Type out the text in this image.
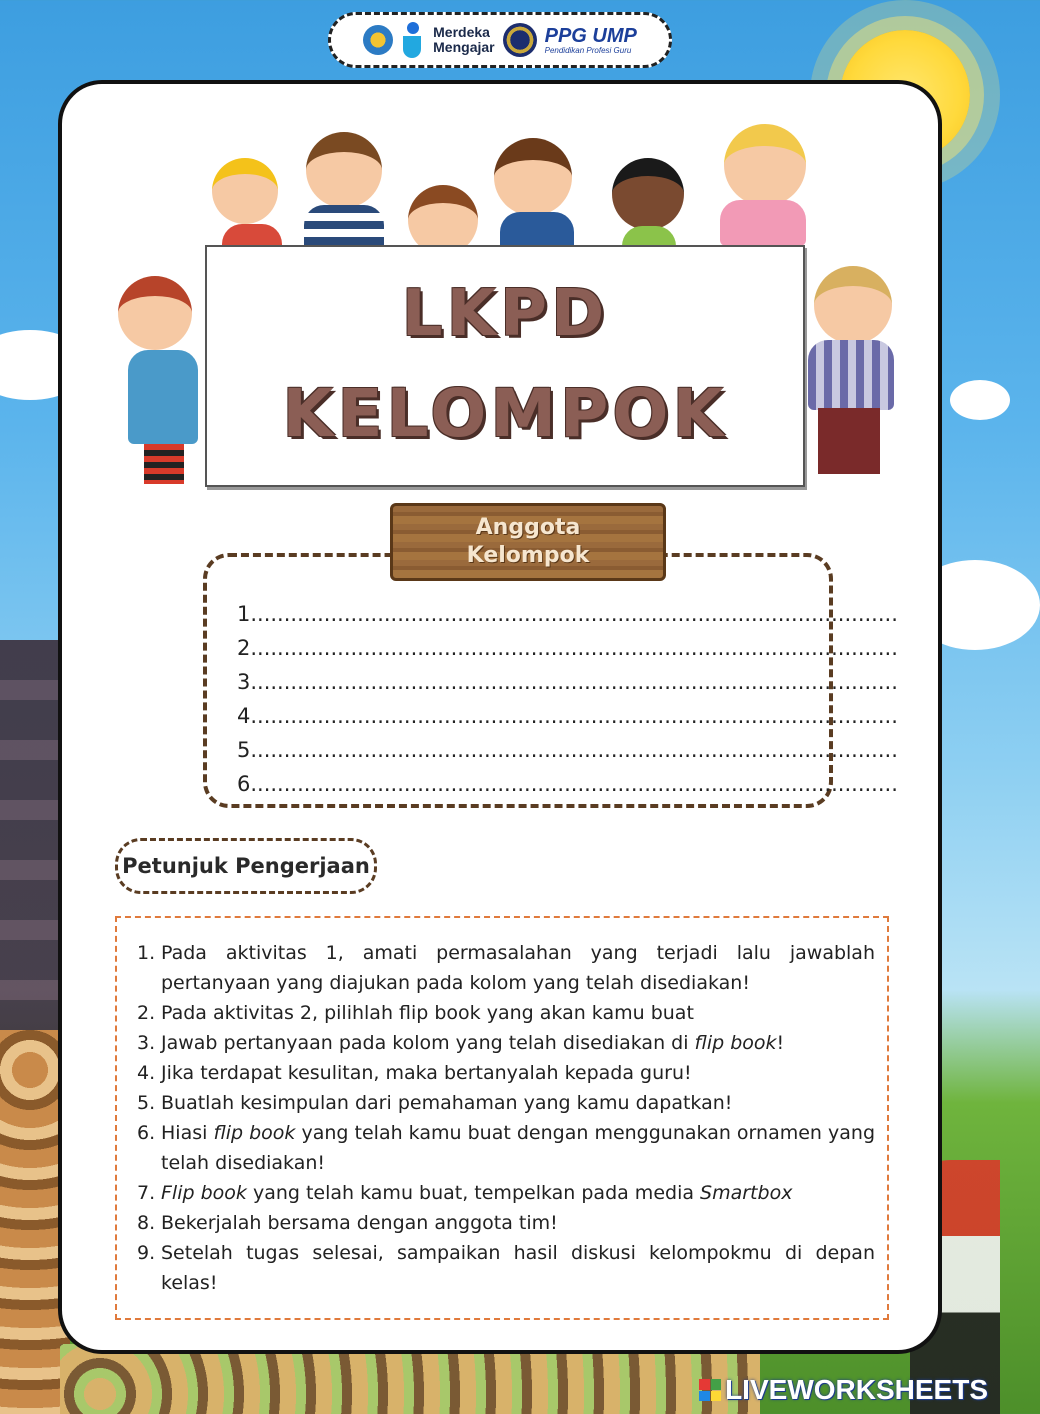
Merdeka
Mengajar
PPG UMP
Pendidikan Profesi Guru
LKPD
KELOMPOK
1.................................................................................................
2.................................................................................................
3.................................................................................................
4.................................................................................................
5.................................................................................................
6.................................................................................................
Anggota
Kelompok
Petunjuk Pengerjaan
1. Pada aktivitas 1, amati permasalahan yang terjadi lalu jawablah pertanyaan yang diajukan pada kolom yang telah disediakan!
2. Pada aktivitas 2, pilihlah flip book yang akan kamu buat
3. Jawab pertanyaan pada kolom yang telah disediakan di flip book!
4. Jika terdapat kesulitan, maka bertanyalah kepada guru!
5. Buatlah kesimpulan dari pemahaman yang kamu dapatkan!
6. Hiasi flip book yang telah kamu buat dengan menggunakan ornamen yang telah disediakan!
7. Flip book yang telah kamu buat, tempelkan pada media Smartbox
8. Bekerjalah bersama dengan anggota tim!
9. Setelah tugas selesai, sampaikan hasil diskusi kelompokmu di depan kelas!
LIVEWORKSHEETS
